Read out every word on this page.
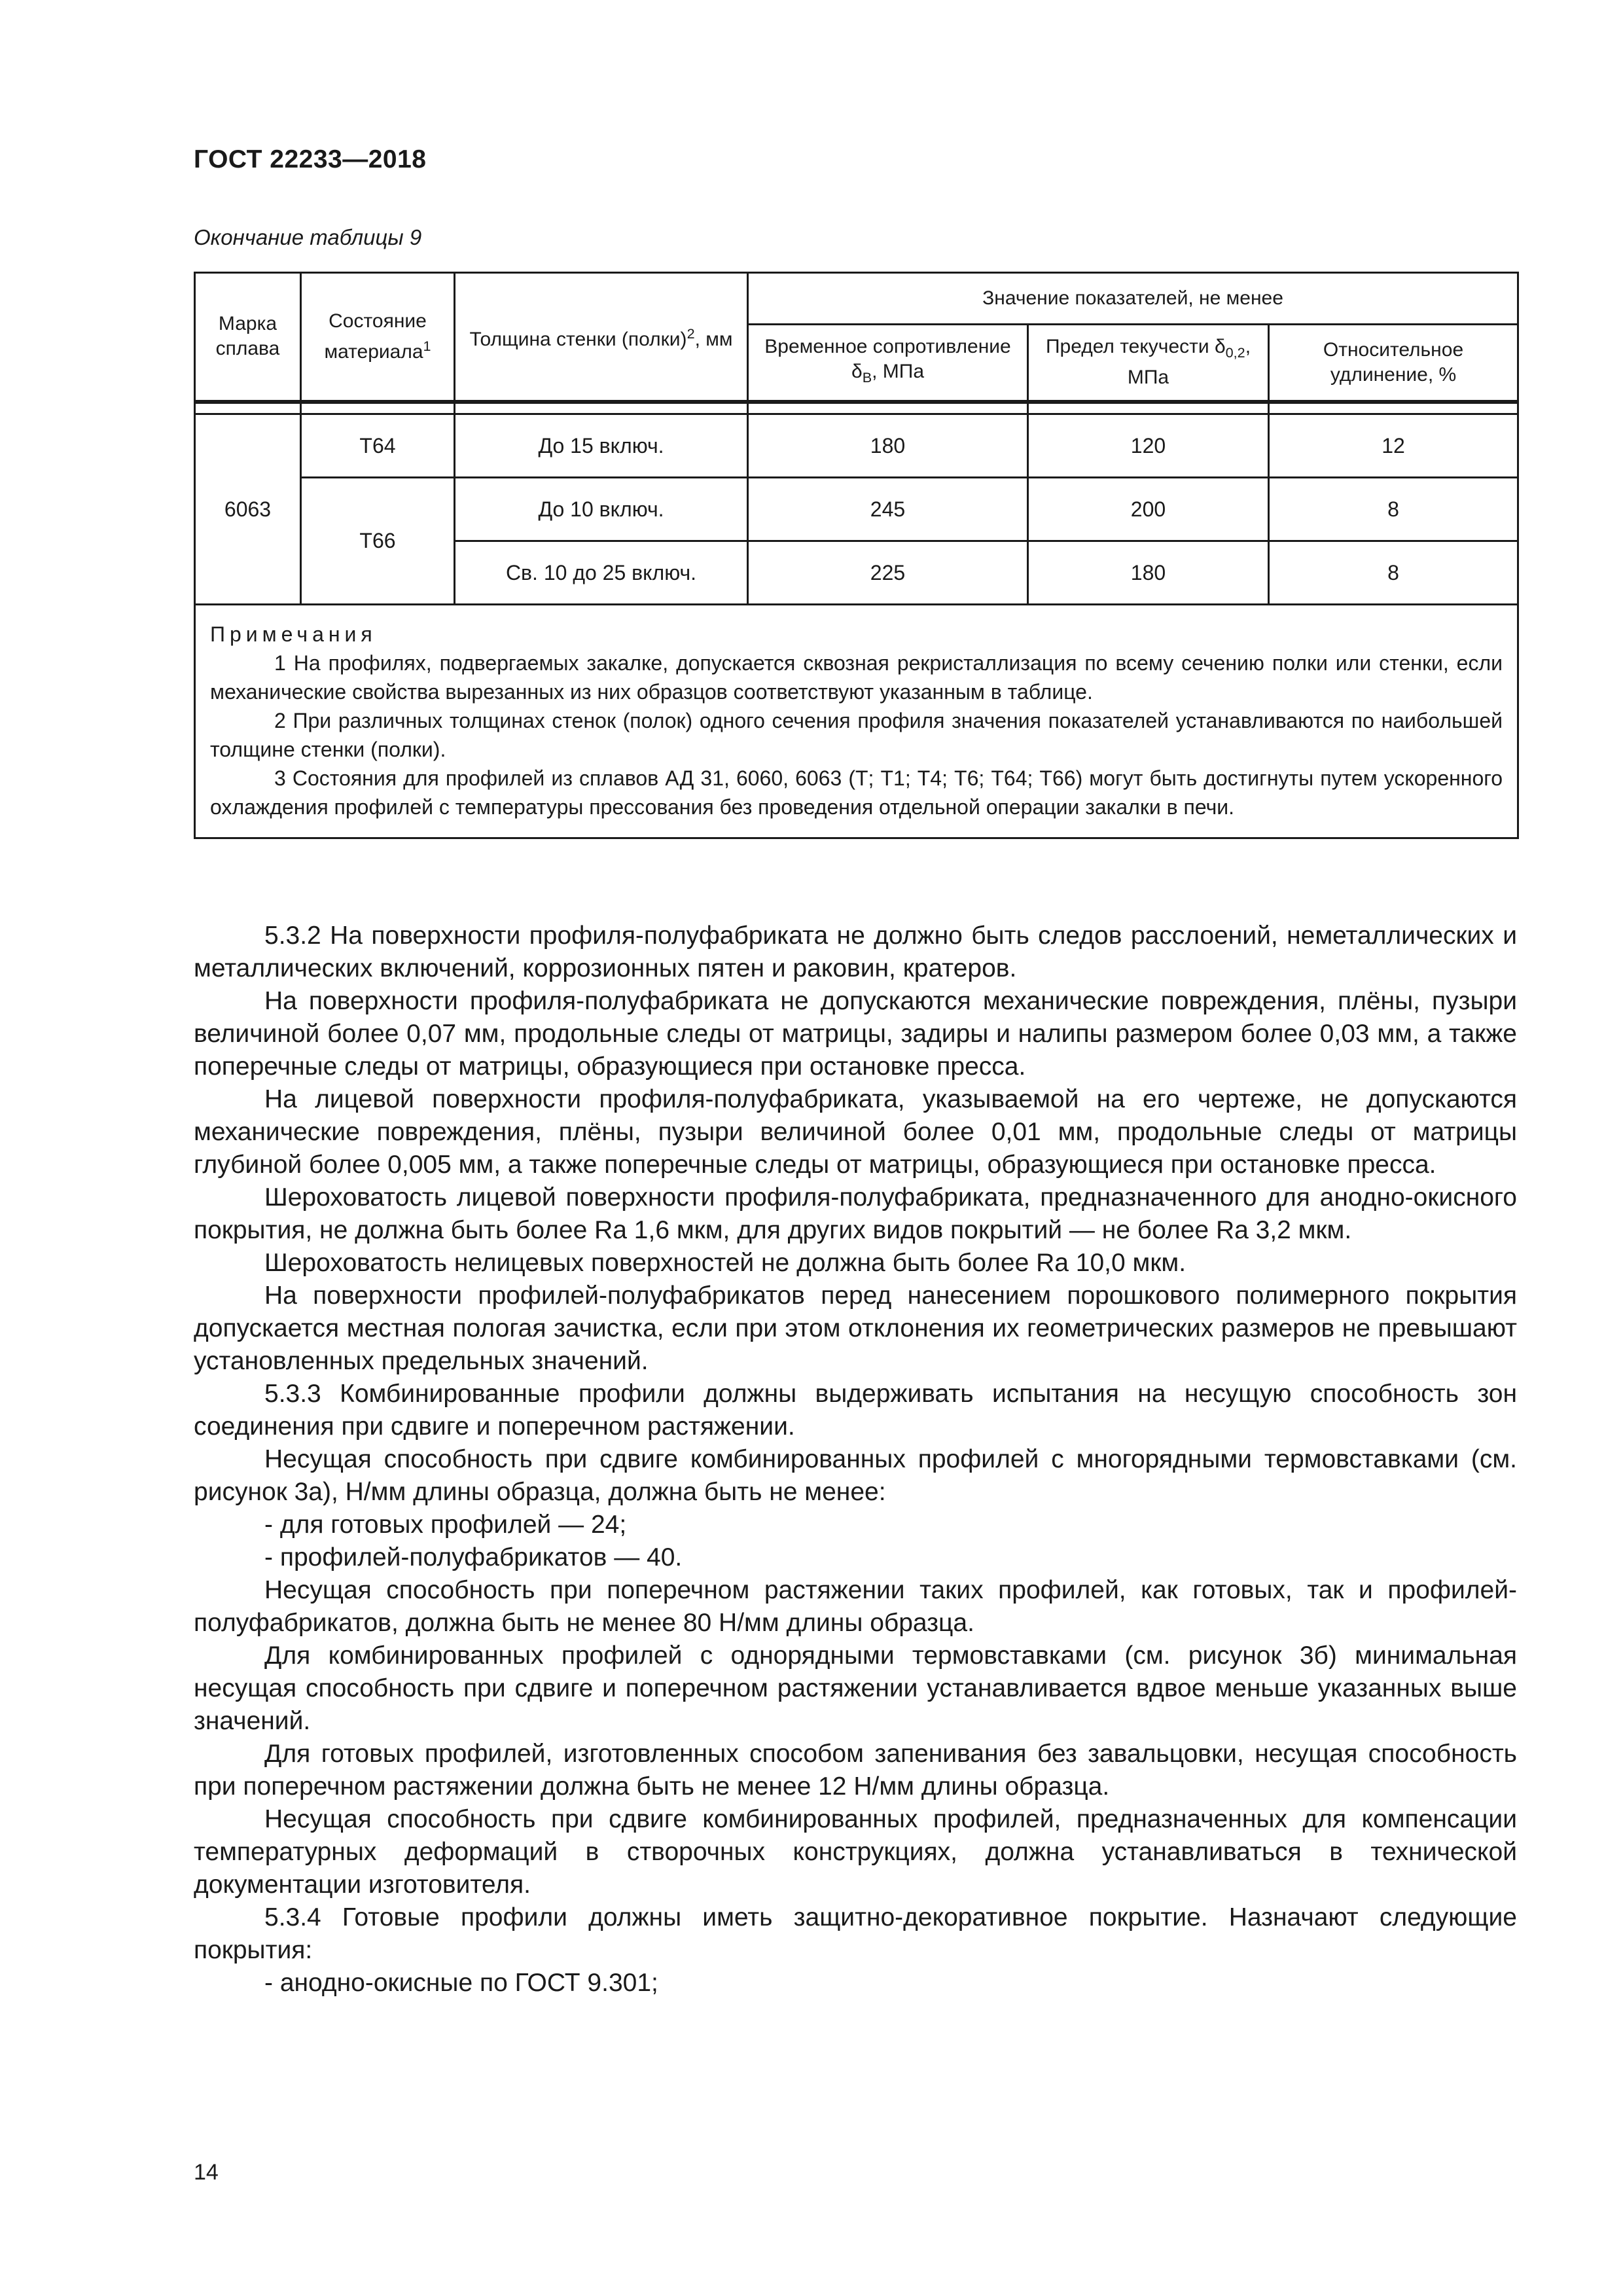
ГОСТ 22233—2018
Окончание таблицы 9
Марка сплава	Состояние материала$^1$	Толщина стенки (полки)$^2$, мм	Значение показателей, не менее		
			Временное сопротивление $\delta_В$, МПа	Предел текучести $\delta_{0,2}$, МПа	Относительное удлинение, %

6063	Т64	До 15 включ.	180	120	12
	Т66	До 10 включ.	245	200	8
		Св. 10 до 25 включ.	225	180	8

Примечания

1 На профилях, подвергаемых закалке, допускается сквозная рекристаллизация по всему сечению полки или стенки, если механические свойства вырезанных из них образцов соответствуют указанным в таблице.

2 При различных толщинах стенок (полок) одного сечения профиля значения показателей устанавливаются по наибольшей толщине стенки (полки).

3 Состояния для профилей из сплавов АД 31, 6060, 6063 (Т; Т1; Т4; Т6; Т64; Т66) могут быть достигнуты путем ускоренного охлаждения профилей с температуры прессования без проведения отдельной операции закалки в печи.					

5.3.2 На поверхности профиля-полуфабриката не должно быть следов расслоений, неметаллических и металлических включений, коррозионных пятен и раковин, кратеров.

На поверхности профиля-полуфабриката не допускаются механические повреждения, плёны, пузыри величиной более 0,07 мм, продольные следы от матрицы, задиры и налипы размером более 0,03 мм, а также поперечные следы от матрицы, образующиеся при остановке пресса.

На лицевой поверхности профиля-полуфабриката, указываемой на его чертеже, не допускаются механические повреждения, плёны, пузыри величиной более 0,01 мм, продольные следы от матрицы глубиной более 0,005 мм, а также поперечные следы от матрицы, образующиеся при остановке пресса.

Шероховатость лицевой поверхности профиля-полуфабриката, предназначенного для анодно-окисного покрытия, не должна быть более Ra 1,6 мкм, для других видов покрытий — не более Ra 3,2 мкм.

Шероховатость нелицевых поверхностей не должна быть более Ra 10,0 мкм.

На поверхности профилей-полуфабрикатов перед нанесением порошкового полимерного покрытия допускается местная пологая зачистка, если при этом отклонения их геометрических размеров не превышают установленных предельных значений.

5.3.3 Комбинированные профили должны выдерживать испытания на несущую способность зон соединения при сдвиге и поперечном растяжении.

Несущая способность при сдвиге комбинированных профилей с многорядными термовставками (см. рисунок 3а), Н/мм длины образца, должна быть не менее:

- для готовых профилей — 24;

- профилей-полуфабрикатов — 40.

Несущая способность при поперечном растяжении таких профилей, как готовых, так и профилей-полуфабрикатов, должна быть не менее 80 Н/мм длины образца.

Для комбинированных профилей с однорядными термовставками (см. рисунок 3б) минимальная несущая способность при сдвиге и поперечном растяжении устанавливается вдвое меньше указанных выше значений.

Для готовых профилей, изготовленных способом запенивания без завальцовки, несущая способность при поперечном растяжении должна быть не менее 12 Н/мм длины образца.

Несущая способность при сдвиге комбинированных профилей, предназначенных для компенсации температурных деформаций в створочных конструкциях, должна устанавливаться в технической документации изготовителя.

5.3.4 Готовые профили должны иметь защитно-декоративное покрытие. Назначают следующие покрытия:

- анодно-окисные по ГОСТ 9.301;

14
